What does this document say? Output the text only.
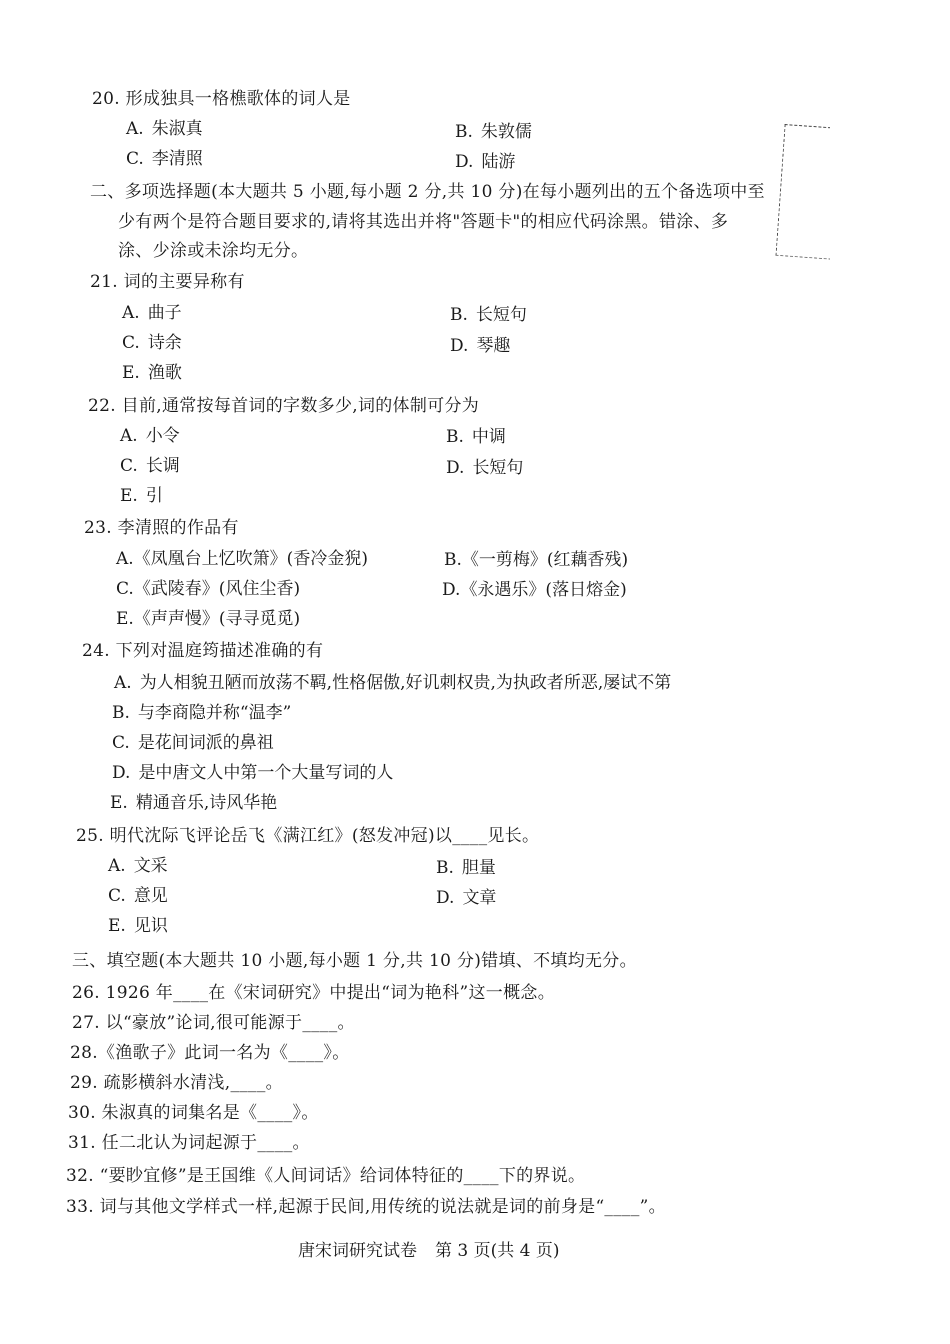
20. 形成独具一格樵歌体的词人是
A. 朱淑真	B. 朱敦儒
C. 李清照	D. 陆游
二、多项选择题(本大题共 5 小题,每小题 2 分,共 10 分)在每小题列出的五个备选项中至
少有两个是符合题目要求的,请将其选出并将"答题卡"的相应代码涂黑。错涂、多
涂、少涂或未涂均无分。
21. 词的主要异称有
A. 曲子	B. 长短句
C. 诗余	D. 琴趣
E. 渔歌
22. 目前,通常按每首词的字数多少,词的体制可分为
A. 小令	B. 中调
C. 长调	D. 长短句
E. 引
23. 李清照的作品有
A.《凤凰台上忆吹箫》(香冷金猊)	B.《一剪梅》(红藕香残)
C.《武陵春》(风住尘香)	D.《永遇乐》(落日熔金)
E.《声声慢》(寻寻觅觅)
24. 下列对温庭筠描述准确的有
A. 为人相貌丑陋而放荡不羁,性格倨傲,好讥刺权贵,为执政者所恶,屡试不第
B. 与李商隐并称“温李”
C. 是花间词派的鼻祖
D. 是中唐文人中第一个大量写词的人
E. 精通音乐,诗风华艳
25. 明代沈际飞评论岳飞《满江红》(怒发冲冠)以____见长。
A. 文采	B. 胆量
C. 意见	D. 文章
E. 见识
三、填空题(本大题共 10 小题,每小题 1 分,共 10 分)错填、不填均无分。
26. 1926 年____在《宋词研究》中提出“词为艳科”这一概念。
27. 以“豪放”论词,很可能源于____。
28.《渔歌子》此词一名为《____》。
29. 疏影横斜水清浅,____。
30. 朱淑真的词集名是《____》。
31. 任二北认为词起源于____。
32. “要眇宜修”是王国维《人间词话》给词体特征的____下的界说。
33. 词与其他文学样式一样,起源于民间,用传统的说法就是词的前身是“____”。
唐宋词研究试卷 第 3 页(共 4 页)
